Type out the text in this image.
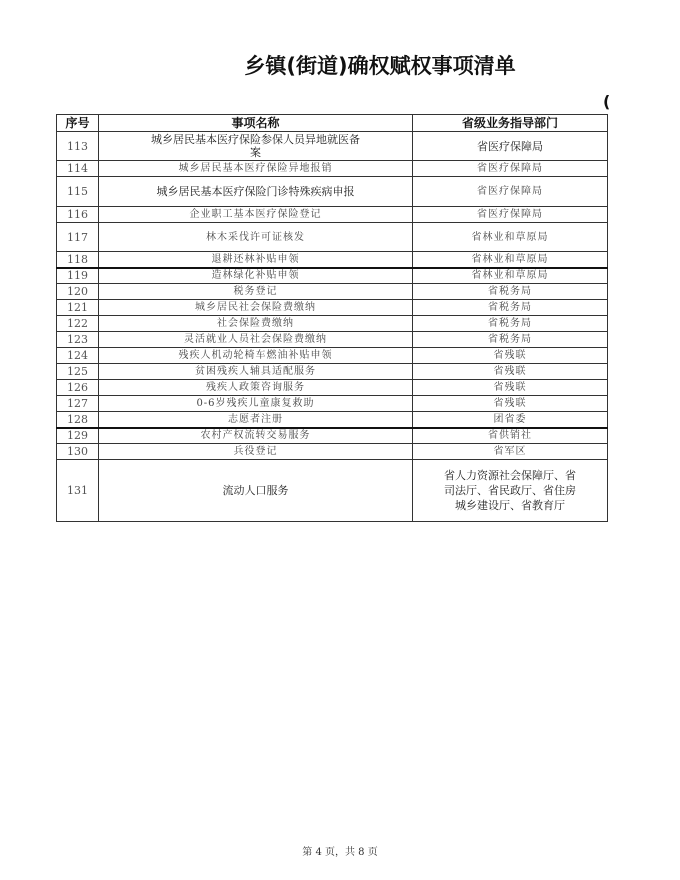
乡镇(街道)确权赋权事项清单
(
序号	事项名称	省级业务指导部门
113	城乡居民基本医疗保险参保人员异地就医备案	省医疗保障局
114	城乡居民基本医疗保险异地报销	省医疗保障局
115	城乡居民基本医疗保险门诊特殊疾病申报	省医疗保障局
116	企业职工基本医疗保险登记	省医疗保障局
117	林木采伐许可证核发	省林业和草原局
118	退耕还林补贴申领	省林业和草原局
119	造林绿化补贴申领	省林业和草原局
120	税务登记	省税务局
121	城乡居民社会保险费缴纳	省税务局
122	社会保险费缴纳	省税务局
123	灵活就业人员社会保险费缴纳	省税务局
124	残疾人机动轮椅车燃油补贴申领	省残联
125	贫困残疾人辅具适配服务	省残联
126	残疾人政策咨询服务	省残联
127	0-6岁残疾儿童康复救助	省残联
128	志愿者注册	团省委
129	农村产权流转交易服务	省供销社
130	兵役登记	省军区
131	流动人口服务	省人力资源社会保障厅、省司法厅、省民政厅、省住房城乡建设厅、省教育厅
第 4 页，共 8 页
